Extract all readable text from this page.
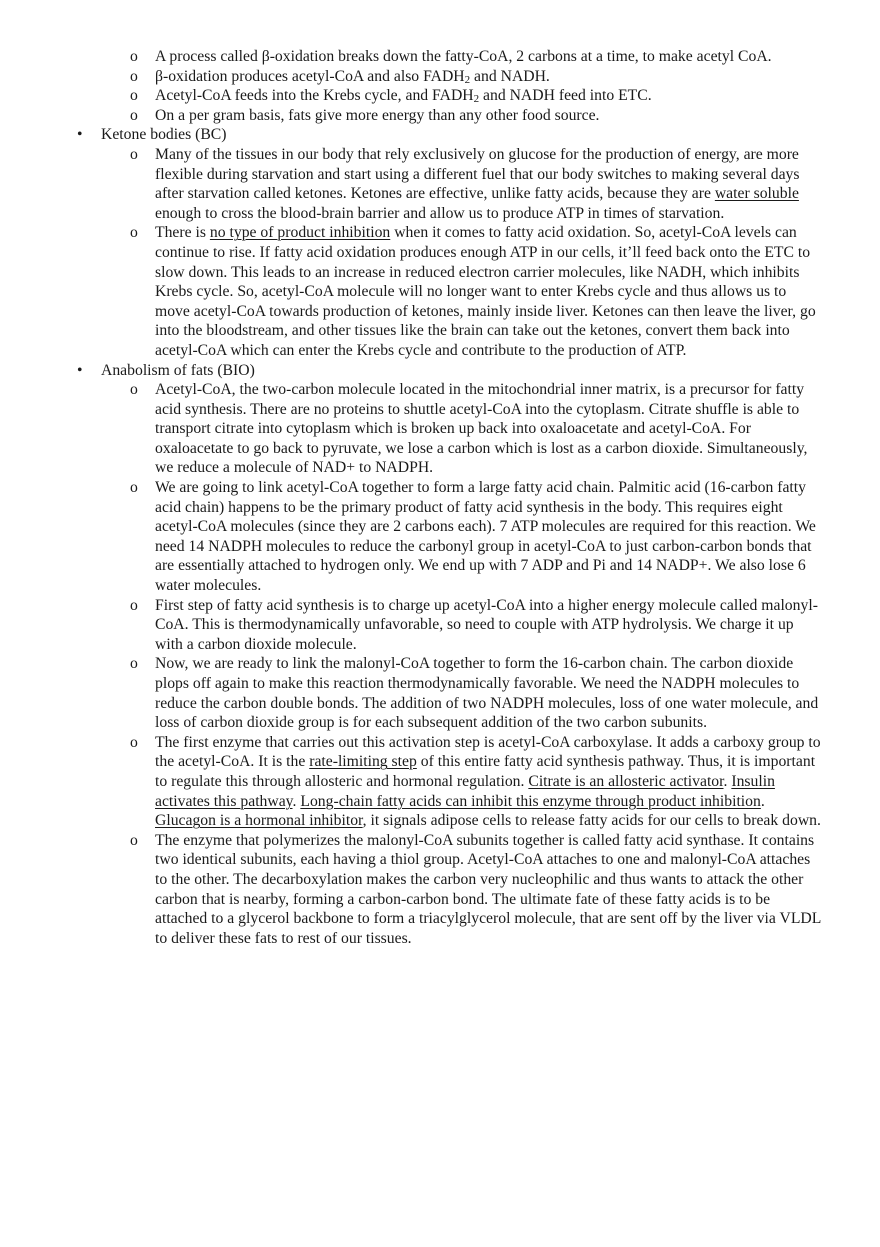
o A process called β-oxidation breaks down the fatty-CoA, 2 carbons at a time, to make acetyl CoA.
o β-oxidation produces acetyl-CoA and also $FADH_2$ and NADH.
o Acetyl-CoA feeds into the Krebs cycle, and $FADH_2$ and NADH feed into ETC.
o On a per gram basis, fats give more energy than any other food source.
• Ketone bodies (BC)
o Many of the tissues in our body that rely exclusively on glucose for the production of energy, are more flexible during starvation and start using a different fuel that our body switches to making several days after starvation called ketones. Ketones are effective, unlike fatty acids, because they are water soluble enough to cross the blood-brain barrier and allow us to produce ATP in times of starvation.
o There is no type of product inhibition when it comes to fatty acid oxidation. So, acetyl-CoA levels can continue to rise. If fatty acid oxidation produces enough ATP in our cells, it’ll feed back onto the ETC to slow down. This leads to an increase in reduced electron carrier molecules, like NADH, which inhibits Krebs cycle. So, acetyl-CoA molecule will no longer want to enter Krebs cycle and thus allows us to move acetyl-CoA towards production of ketones, mainly inside liver. Ketones can then leave the liver, go into the bloodstream, and other tissues like the brain can take out the ketones, convert them back into acetyl-CoA which can enter the Krebs cycle and contribute to the production of ATP.
• Anabolism of fats (BIO)
o Acetyl-CoA, the two-carbon molecule located in the mitochondrial inner matrix, is a precursor for fatty acid synthesis. There are no proteins to shuttle acetyl-CoA into the cytoplasm. Citrate shuffle is able to transport citrate into cytoplasm which is broken up back into oxaloacetate and acetyl-CoA. For oxaloacetate to go back to pyruvate, we lose a carbon which is lost as a carbon dioxide. Simultaneously, we reduce a molecule of NAD+ to NADPH.
o We are going to link acetyl-CoA together to form a large fatty acid chain. Palmitic acid (16-carbon fatty acid chain) happens to be the primary product of fatty acid synthesis in the body. This requires eight acetyl-CoA molecules (since they are 2 carbons each). 7 ATP molecules are required for this reaction. We need 14 NADPH molecules to reduce the carbonyl group in acetyl-CoA to just carbon-carbon bonds that are essentially attached to hydrogen only. We end up with 7 ADP and Pi and 14 NADP+. We also lose 6 water molecules.
o First step of fatty acid synthesis is to charge up acetyl-CoA into a higher energy molecule called malonyl-CoA. This is thermodynamically unfavorable, so need to couple with ATP hydrolysis. We charge it up with a carbon dioxide molecule.
o Now, we are ready to link the malonyl-CoA together to form the 16-carbon chain. The carbon dioxide plops off again to make this reaction thermodynamically favorable. We need the NADPH molecules to reduce the carbon double bonds. The addition of two NADPH molecules, loss of one water molecule, and loss of carbon dioxide group is for each subsequent addition of the two carbon subunits.
o The first enzyme that carries out this activation step is acetyl-CoA carboxylase. It adds a carboxy group to the acetyl-CoA. It is the rate-limiting step of this entire fatty acid synthesis pathway. Thus, it is important to regulate this through allosteric and hormonal regulation. Citrate is an allosteric activator. Insulin activates this pathway. Long-chain fatty acids can inhibit this enzyme through product inhibition. Glucagon is a hormonal inhibitor, it signals adipose cells to release fatty acids for our cells to break down.
o The enzyme that polymerizes the malonyl-CoA subunits together is called fatty acid synthase. It contains two identical subunits, each having a thiol group. Acetyl-CoA attaches to one and malonyl-CoA attaches to the other. The decarboxylation makes the carbon very nucleophilic and thus wants to attack the other carbon that is nearby, forming a carbon-carbon bond. The ultimate fate of these fatty acids is to be attached to a glycerol backbone to form a triacylglycerol molecule, that are sent off by the liver via VLDL to deliver these fats to rest of our tissues.
